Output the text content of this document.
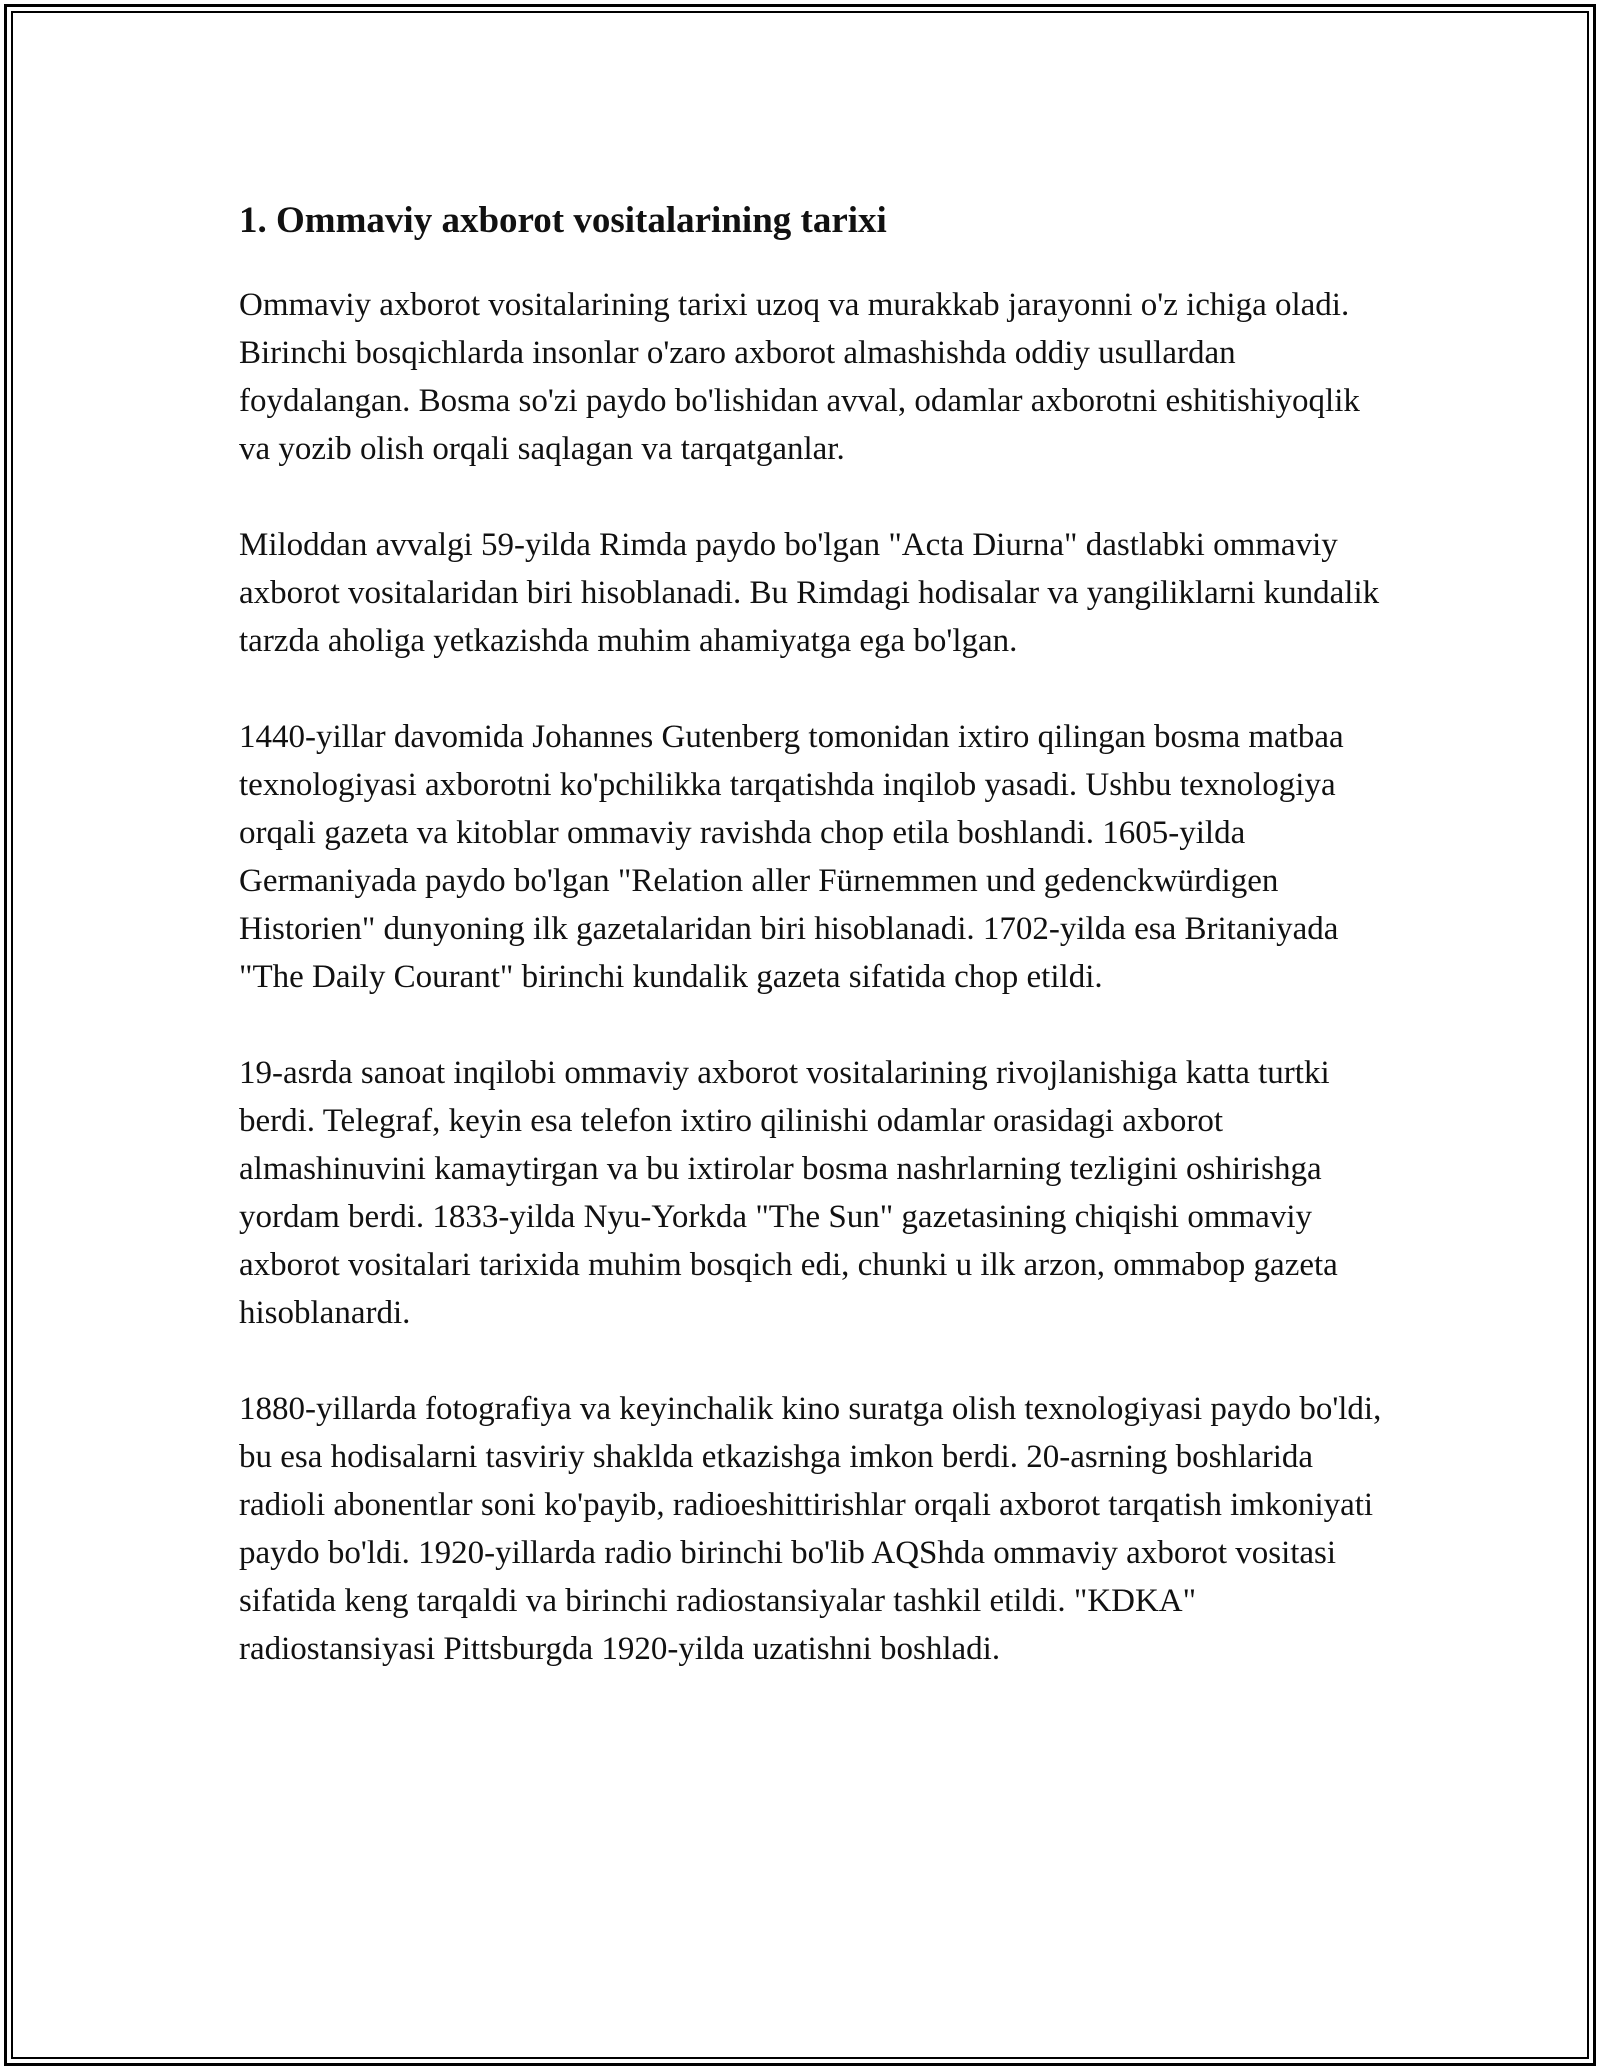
1. Ommaviy axborot vositalarining tarixi

Ommaviy axborot vositalarining tarixi uzoq va murakkab jarayonni o'z ichiga oladi. Birinchi bosqichlarda insonlar o'zaro axborot almashishda oddiy usullardan foydalangan. Bosma so'zi paydo bo'lishidan avval, odamlar axborotni eshitishiyoqlik va yozib olish orqali saqlagan va tarqatganlar.

Miloddan avvalgi 59-yilda Rimda paydo bo'lgan "Acta Diurna" dastlabki ommaviy axborot vositalaridan biri hisoblanadi. Bu Rimdagi hodisalar va yangiliklarni kundalik tarzda aholiga yetkazishda muhim ahamiyatga ega bo'lgan.

1440-yillar davomida Johannes Gutenberg tomonidan ixtiro qilingan bosma matbaa texnologiyasi axborotni ko'pchilikka tarqatishda inqilob yasadi. Ushbu texnologiya orqali gazeta va kitoblar ommaviy ravishda chop etila boshlandi. 1605-yilda Germaniyada paydo bo'lgan "Relation aller Fürnemmen und gedenckwürdigen Historien" dunyoning ilk gazetalaridan biri hisoblanadi. 1702-yilda esa Britaniyada "The Daily Courant" birinchi kundalik gazeta sifatida chop etildi.

19-asrda sanoat inqilobi ommaviy axborot vositalarining rivojlanishiga katta turtki berdi. Telegraf, keyin esa telefon ixtiro qilinishi odamlar orasidagi axborot almashinuvini kamaytirgan va bu ixtirolar bosma nashrlarning tezligini oshirishga yordam berdi. 1833-yilda Nyu-Yorkda "The Sun" gazetasining chiqishi ommaviy axborot vositalari tarixida muhim bosqich edi, chunki u ilk arzon, ommabop gazeta hisoblanardi.

1880-yillarda fotografiya va keyinchalik kino suratga olish texnologiyasi paydo bo'ldi, bu esa hodisalarni tasviriy shaklda etkazishga imkon berdi. 20-asrning boshlarida radioli abonentlar soni ko'payib, radioeshittirishlar orqali axborot tarqatish imkoniyati paydo bo'ldi. 1920-yillarda radio birinchi bo'lib AQShda ommaviy axborot vositasi sifatida keng tarqaldi va birinchi radiostansiyalar tashkil etildi. "KDKA" radiostansiyasi Pittsburgda 1920-yilda uzatishni boshladi.
